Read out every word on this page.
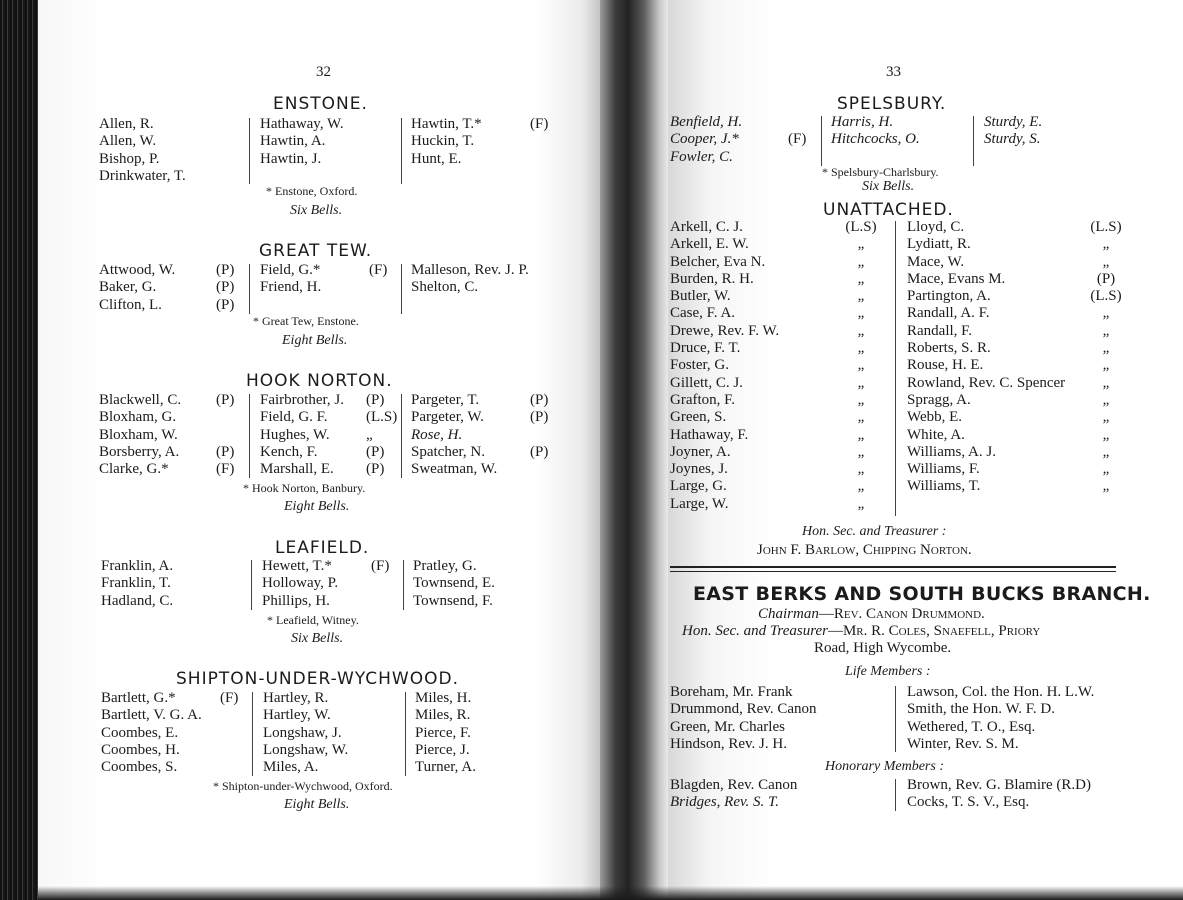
32
ENSTONE.
Allen, R.
Allen, W.
Bishop, P.
Drinkwater, T.
Hathaway, W.
Hawtin, A.
Hawtin, J.
Hawtin, T.*
Huckin, T.
Hunt, E.
(F)
* Enstone, Oxford.
Six Bells.
GREAT TEW.
Attwood, W.
Baker, G.
Clifton, L.
(P)
(P)
(P)
Field, G.*
Friend, H.
(F) Malleson, Rev. J. P.
Shelton, C.
* Great Tew, Enstone.
Eight Bells.
HOOK NORTON.
Blackwell, C.
Bloxham, G.
Bloxham, W.
Borsberry, A.
Clarke, G.*
(P)
(P)
(F)
Fairbrother, J.
Field, G. F.
Hughes, W.
Kench, F.
Marshall, E.
(P)
(L.S)
„
(P)
(P)
Pargeter, T.
Pargeter, W.
Rose, H.
Spatcher, N.
Sweatman, W.
(P)
(P)
(P)
* Hook Norton, Banbury.
Eight Bells.
LEAFIELD.
Franklin, A.
Franklin, T.
Hadland, C.
Hewett, T.*
Holloway, P.
Phillips, H.
(F) Pratley, G.
Townsend, E.
Townsend, F.
* Leafield, Witney.
Six Bells.
SHIPTON-UNDER-WYCHWOOD.
Bartlett, G.*
Bartlett, V. G. A.
Coombes, E.
Coombes, H.
Coombes, S.
(F) Hartley, R.
Hartley, W.
Longshaw, J.
Longshaw, W.
Miles, A.
Miles, H.
Miles, R.
Pierce, F.
Pierce, J.
Turner, A.
* Shipton-under-Wychwood, Oxford.
Eight Bells.
33
SPELSBURY.
Benfield, H.
Cooper, J.*
Fowler, C.
(F)
Harris, H.
Hitchcocks, O.
Sturdy, E.
Sturdy, S.
* Spelsbury-Charlsbury.
Six Bells.
UNATTACHED.
Arkell, C. J.
Arkell, E. W.
Belcher, Eva N.
Burden, R. H.
Butler, W.
Case, F. A.
Drewe, Rev. F. W.
Druce, F. T.
Foster, G.
Gillett, C. J.
Grafton, F.
Green, S.
Hathaway, F.
Joyner, A.
Joynes, J.
Large, G.
Large, W.
(L.S)
„
„
„
„
„
„
„
„
„
„
„
„
„
„
„
„
Lloyd, C.
Lydiatt, R.
Mace, W.
Mace, Evans M.
Partington, A.
Randall, A. F.
Randall, F.
Roberts, S. R.
Rouse, H. E.
Rowland, Rev. C. Spencer
Spragg, A.
Webb, E.
White, A.
Williams, A. J.
Williams, F.
Williams, T.
(L.S)
„
„
(P)
(L.S)
„
„
„
„
„
„
„
„
„
„
„
Hon. Sec. and Treasurer :
John F. Barlow, Chipping Norton.
EAST BERKS AND SOUTH BUCKS BRANCH.
Chairman—Rev. Canon Drummond.
Hon. Sec. and Treasurer—Mr. R. Coles, Snaefell, Priory
Road, High Wycombe.
Life Members :
Boreham, Mr. Frank
Drummond, Rev. Canon
Green, Mr. Charles
Hindson, Rev. J. H.
Lawson, Col. the Hon. H. L.W.
Smith, the Hon. W. F. D.
Wethered, T. O., Esq.
Winter, Rev. S. M.
Honorary Members :
Blagden, Rev. Canon
Bridges, Rev. S. T.
Brown, Rev. G. Blamire (R.D)
Cocks, T. S. V., Esq.
